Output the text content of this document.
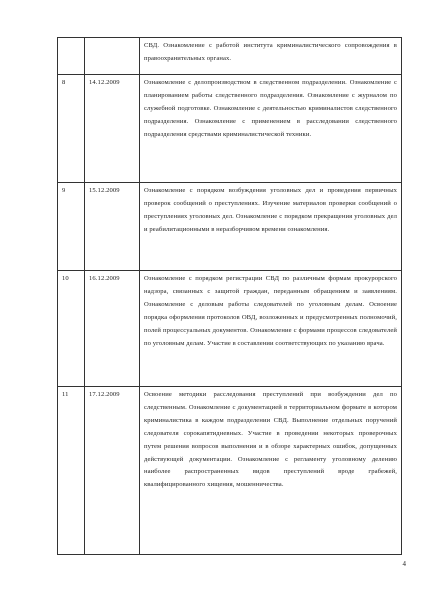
		СВД. Ознакомление с работой института криминалистического сопровождения в правоохранительных органах.
8	14.12.2009	Ознакомление с делопроизводством в следственном подразделении. Ознакомление с планированием работы следственного подразделения. Ознакомление с журналом по служебной подготовке. Ознакомление с деятельностью криминалистов следственного подразделения. Ознакомление с применением в расследовании следственного подразделения средствами криминалистической техники.
9	15.12.2009	Ознакомление с порядком возбуждения уголовных дел и проведения первичных проверок сообщений о преступлениях. Изучение материалов проверки сообщений о преступлениях уголовных дел. Ознакомление с порядком прекращения уголовных дел и реабилитационными в неразборчивом времени ознакомления.
10	16.12.2009	Ознакомление с порядком регистрации СВД по различным формам прокурорского надзора, связанных с защитой граждан, переданным обращениям и заявлениям. Ознакомление с деловым работы следователей по уголовным делам. Освоение порядка оформления протоколов ОВД, возложенных и предусмотренных полномочий, полей процессуальных документов. Ознакомление с формами процессов следователей по уголовным делам. Участие в составлении соответствующих по указанию врача.
11	17.12.2009	Освоение методики расследования преступлений при возбуждении дел по следственным. Ознакомление с документацией в территориальном формате в котором криминалистика в каждом подразделении СВД. Выполнение отдельных поручений следователя сорокапятидневных. Участие в проведении некоторых проверочных путем решения вопросов выполнения и в обзоре характерных ошибок, допущенных действующей документации. Ознакомление с регламенту уголовному делению наиболее распространенных видов преступлений вроде грабежей, квалифицированного хищения, мошенничества.
4
